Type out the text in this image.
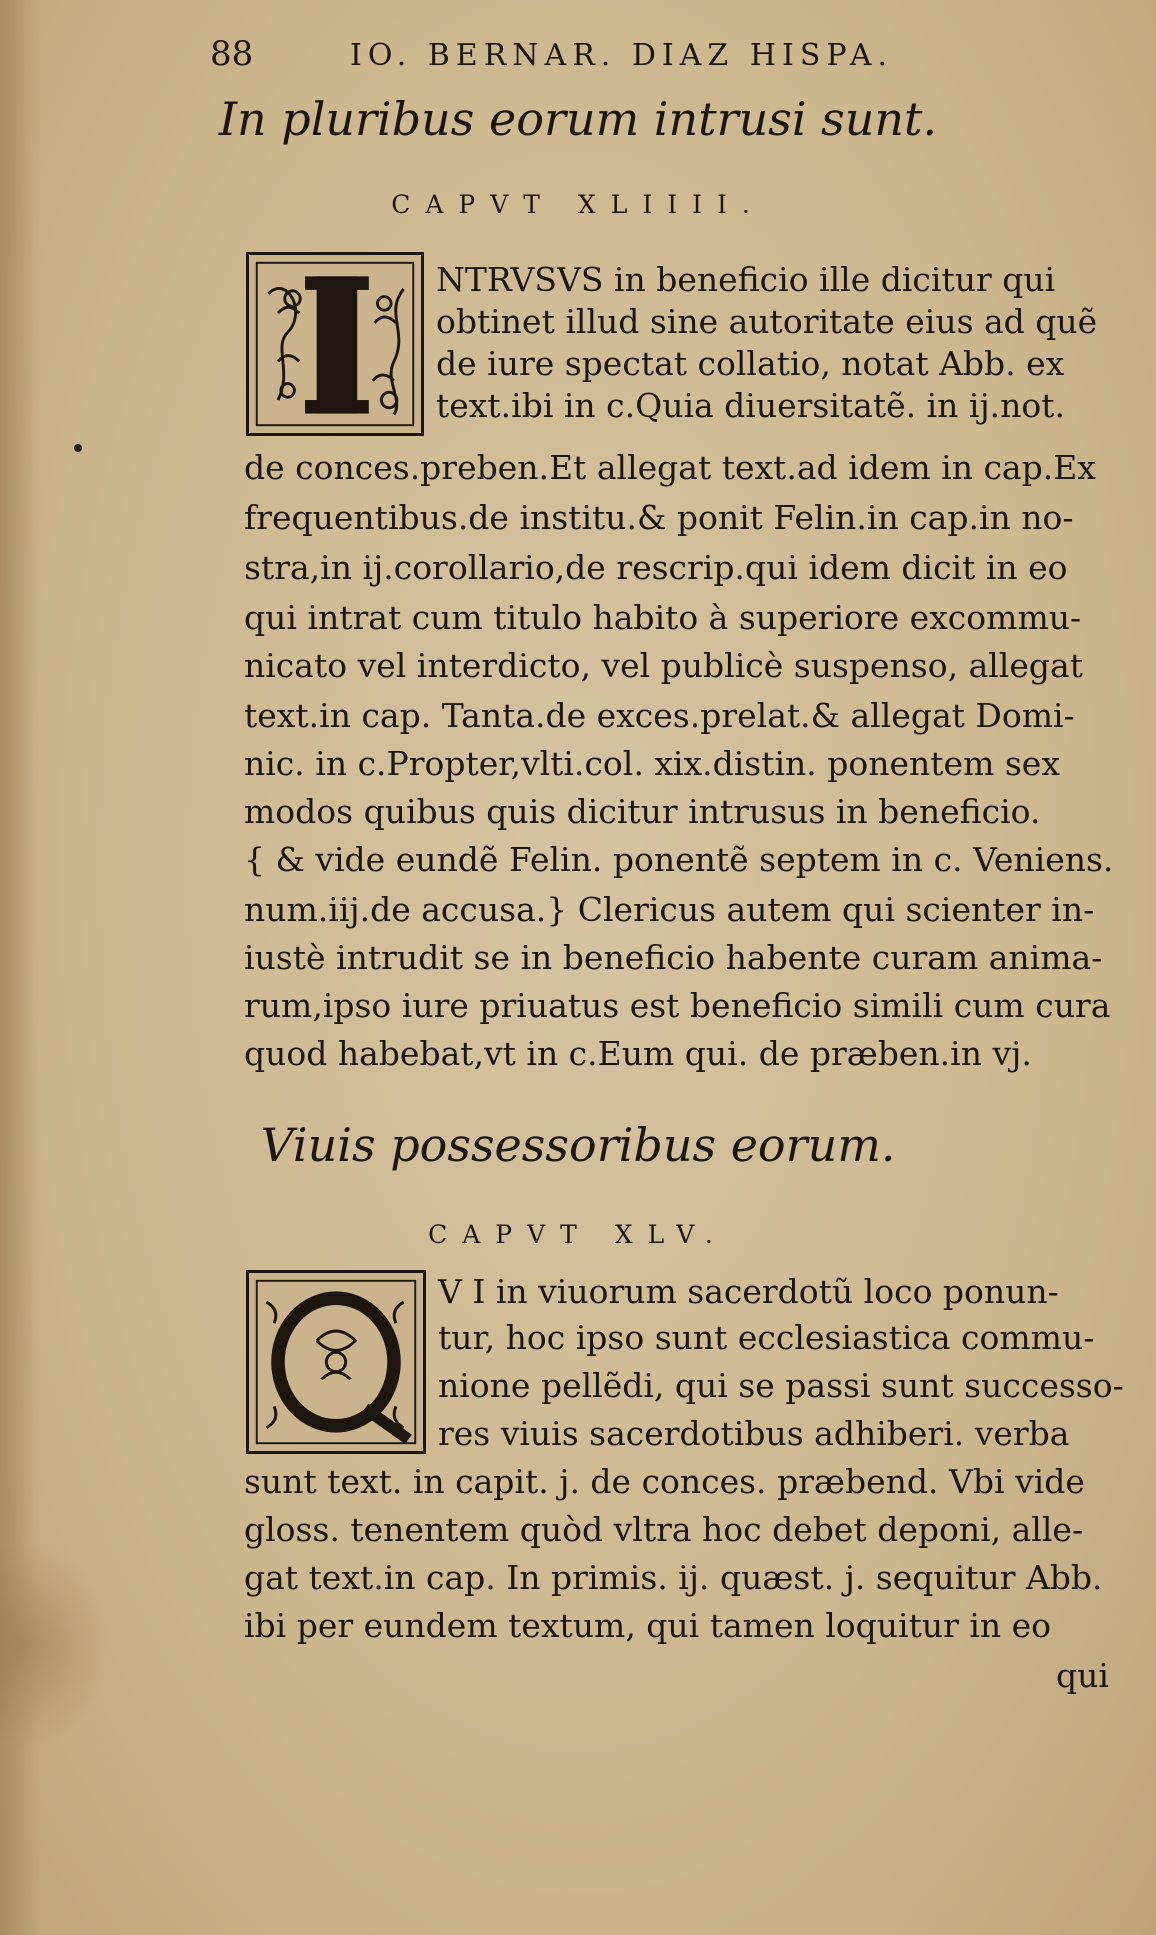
88	IO. BERNAR. DIAZ HISPA.
In pluribus eorum intrusi sunt.
CAPVT XLIIII.
NTRVSVS in beneficio ille dicitur qui
obtinet illud sine autoritate eius ad quẽ
de iure spectat collatio, notat Abb. ex
text.ibi in c.Quia diuersitatẽ. in ij.not.
de conces.preben.Et allegat text.ad idem in cap.Ex
frequentibus.de institu.& ponit Felin.in cap.in no-
stra,in ij.corollario,de rescrip.qui idem dicit in eo
qui intrat cum titulo habito à superiore excommu-
nicato vel interdicto, vel publicè suspenso, allegat
text.in cap. Tanta.de exces.prelat.& allegat Domi-
nic. in c.Propter,vlti.col. xix.distin. ponentem sex
modos quibus quis dicitur intrusus in beneficio.
{ & vide eundẽ Felin. ponentẽ septem in c. Veniens.
num.iij.de accusa.} Clericus autem qui scienter in-
iustè intrudit se in beneficio habente curam anima-
rum,ipso iure priuatus est beneficio simili cum cura
quod habebat,vt in c.Eum qui. de præben.in vj.
Viuis possessoribus eorum.
CAPVT XLV.
V I in viuorum sacerdotũ loco ponun-
tur, hoc ipso sunt ecclesiastica commu-
nione pellẽdi, qui se passi sunt successo-
res viuis sacerdotibus adhiberi. verba
sunt text. in capit. j. de conces. præbend. Vbi vide
gloss. tenentem quòd vltra hoc debet deponi, alle-
gat text.in cap. In primis. ij. quæst. j. sequitur Abb.
ibi per eundem textum, qui tamen loquitur in eo
qui
